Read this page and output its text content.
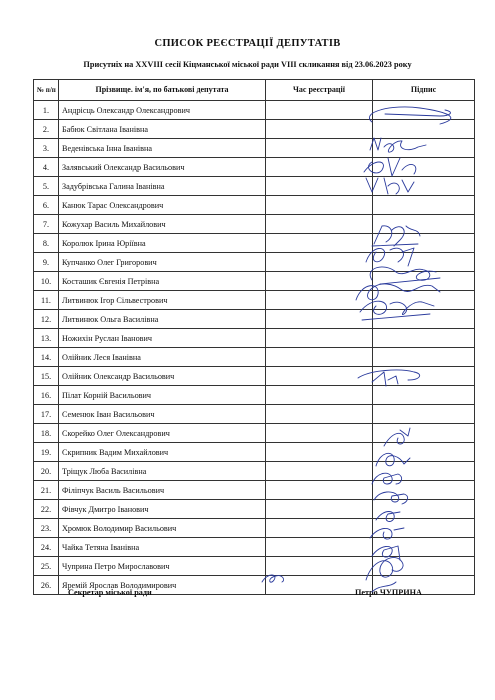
СПИСОК РЕЄСТРАЦІЇ ДЕПУТАТІВ
Присутніх на XXVIII сесії Кіцманської міської ради VIII скликання від 23.06.2023 року
№ п/п	Прізвище. ім'я, по батькові депутата	Час реєстрації	Підпис
1.	Андрісць Олександр Олександрович		
2.	Бабюк Світлана Іванівна		
3.	Веденівська Інна Іванівна		
4.	Залявський Олександр Васильович		
5.	Задубрівська Галина Іванівна		
6.	Канюк Тарас Олександрович		
7.	Кожухар Василь Михайлович		
8.	Королюк Ірина Юріївна		
9.	Купчанко Олег Григорович		
10.	Косташик Євгенія Петрівна		
11.	Литвинюк Ігор Сільвестрович		
12.	Литвинюк Ольга Василівна		
13.	Ножихін Руслан Іванович		
14.	Олійник Леся Іванівна		
15.	Олійник Олександр Васильович		
16.	Пілат Корній Васильович		
17.	Семенюк Іван Васильович		
18.	Скорейко Олег Олександрович		
19.	Скрипник Вадим Михайлович		
20.	Тріщук Люба Василівна		
21.	Філіпчук Василь Васильович		
22.	Фівчук Дмитро Іванович		
23.	Хромюк Володимир Васильович		
24.	Чайка Тетяна Іванівна		
25.	Чуприна Петро Мирославович		
26.	Яремій Ярослав Володимирович		
Секретар міської ради	Петро ЧУПРИНА
